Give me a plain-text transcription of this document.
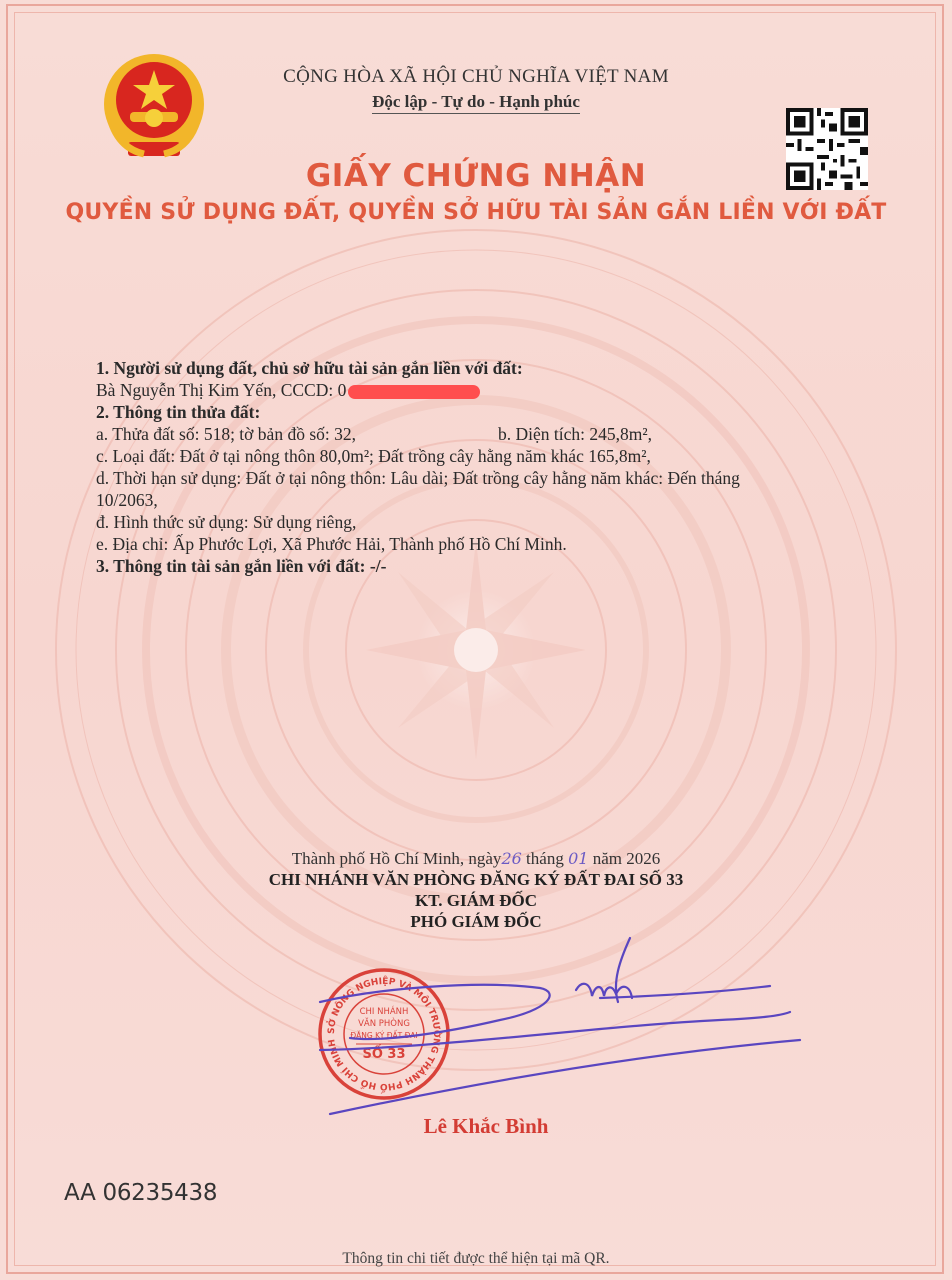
CỘNG HÒA XÃ HỘI CHỦ NGHĨA VIỆT NAM
Độc lập - Tự do - Hạnh phúc
GIẤY CHỨNG NHẬN
QUYỀN SỬ DỤNG ĐẤT, QUYỀN SỞ HỮU TÀI SẢN GẮN LIỀN VỚI ĐẤT
1. Người sử dụng đất, chủ sở hữu tài sản gắn liền với đất:
Bà Nguyễn Thị Kim Yến, CCCD: 0
2. Thông tin thửa đất:
a. Thửa đất số: 518; tờ bản đồ số: 32,	b. Diện tích: 245,8m²,
c. Loại đất: Đất ở tại nông thôn 80,0m²; Đất trồng cây hằng năm khác 165,8m²,
d. Thời hạn sử dụng: Đất ở tại nông thôn: Lâu dài; Đất trồng cây hằng năm khác: Đến tháng
10/2063,
đ. Hình thức sử dụng: Sử dụng riêng,
e. Địa chỉ: Ấp Phước Lợi, Xã Phước Hải, Thành phố Hồ Chí Minh.
3. Thông tin tài sản gắn liền với đất: -/-
Thành phố Hồ Chí Minh, ngày26 tháng 01 năm 2026
CHI NHÁNH VĂN PHÒNG ĐĂNG KÝ ĐẤT ĐAI SỐ 33
KT. GIÁM ĐỐC
PHÓ GIÁM ĐỐC
SỞ NÔNG NGHIỆP VÀ MÔI TRƯỜNG THÀNH PHỐ HỒ CHÍ MINH
CHI NHÁNH
VĂN PHÒNG
ĐĂNG KÝ ĐẤT ĐAI
SỐ 33
Lê Khắc Bình
AA 06235438
Thông tin chi tiết được thể hiện tại mã QR.
